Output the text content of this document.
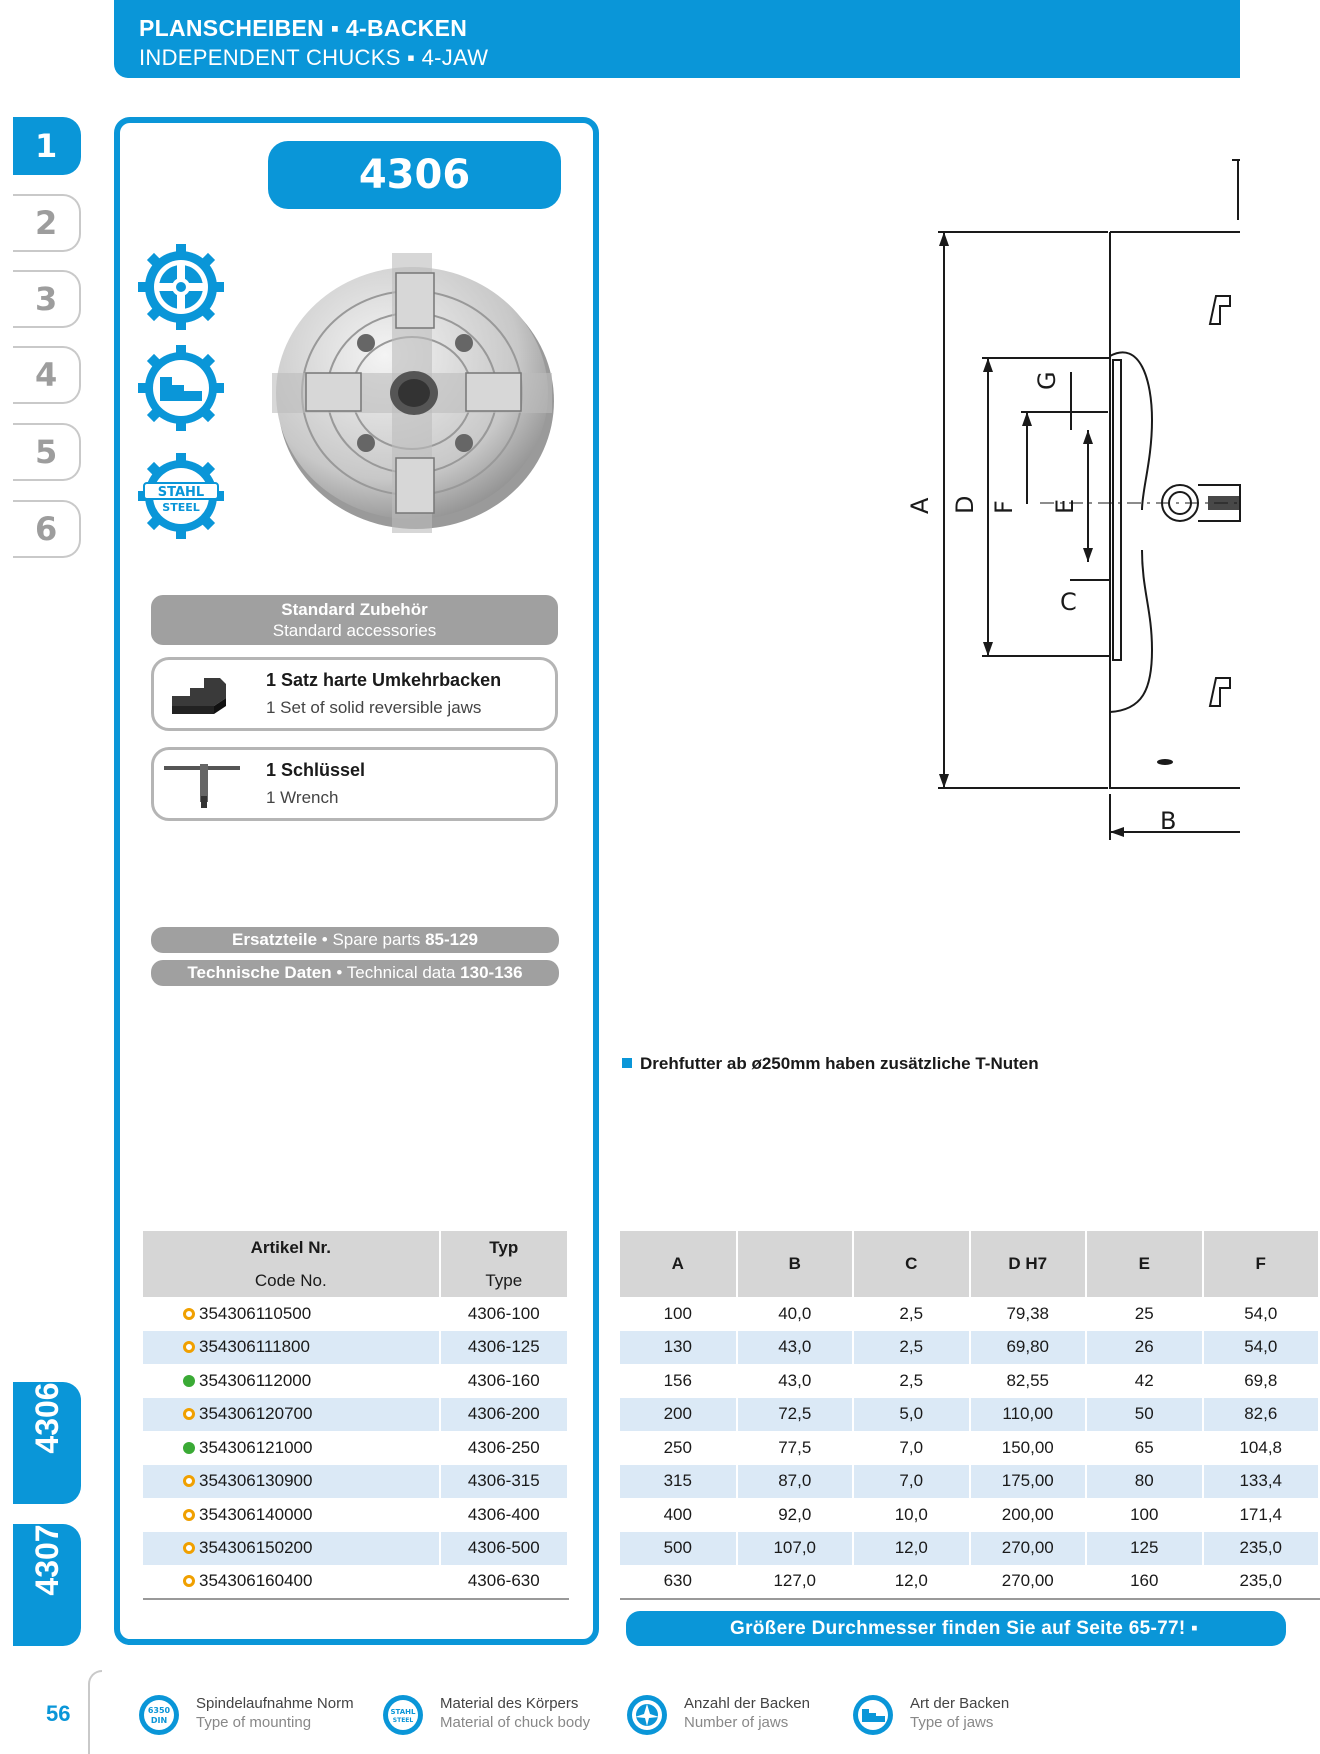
PLANSCHEIBEN ▪ 4-BACKEN
INDEPENDENT CHUCKS ▪ 4-JAW
1
2
3
4
5
6
4306
4307
4306
STAHL
STEEL
Standard Zubehör
Standard accessories
1 Satz harte Umkehrbacken
1 Set of solid reversible jaws
1 Schlüssel
1 Wrench
Ersatzteile • Spare parts 85-129
Technische Daten • Technical data 130-136
A D F E
G
C
B
Drehfutter ab ø250mm haben zusätzliche T-Nuten
Artikel Nr.	Typ
Code No.	Type
354306110500	4306-100
354306111800	4306-125
354306112000	4306-160
354306120700	4306-200
354306121000	4306-250
354306130900	4306-315
354306140000	4306-400
354306150200	4306-500
354306160400	4306-630
A	B	C	D H7	E	F
100	40,0	2,5	79,38	25	54,0
130	43,0	2,5	69,80	26	54,0
156	43,0	2,5	82,55	42	69,8
200	72,5	5,0	110,00	50	82,6
250	77,5	7,0	150,00	65	104,8
315	87,0	7,0	175,00	80	133,4
400	92,0	10,0	200,00	100	171,4
500	107,0	12,0	270,00	125	235,0
630	127,0	12,0	270,00	160	235,0
Größere Durchmesser finden Sie auf Seite 65-77! ▪
56	6350
DIN
Spindelaufnahme Norm
Type of mounting
STAHL
STEEL
Material des Körpers
Material of chuck body
Anzahl der Backen
Number of jaws
Art der Backen
Type of jaws
